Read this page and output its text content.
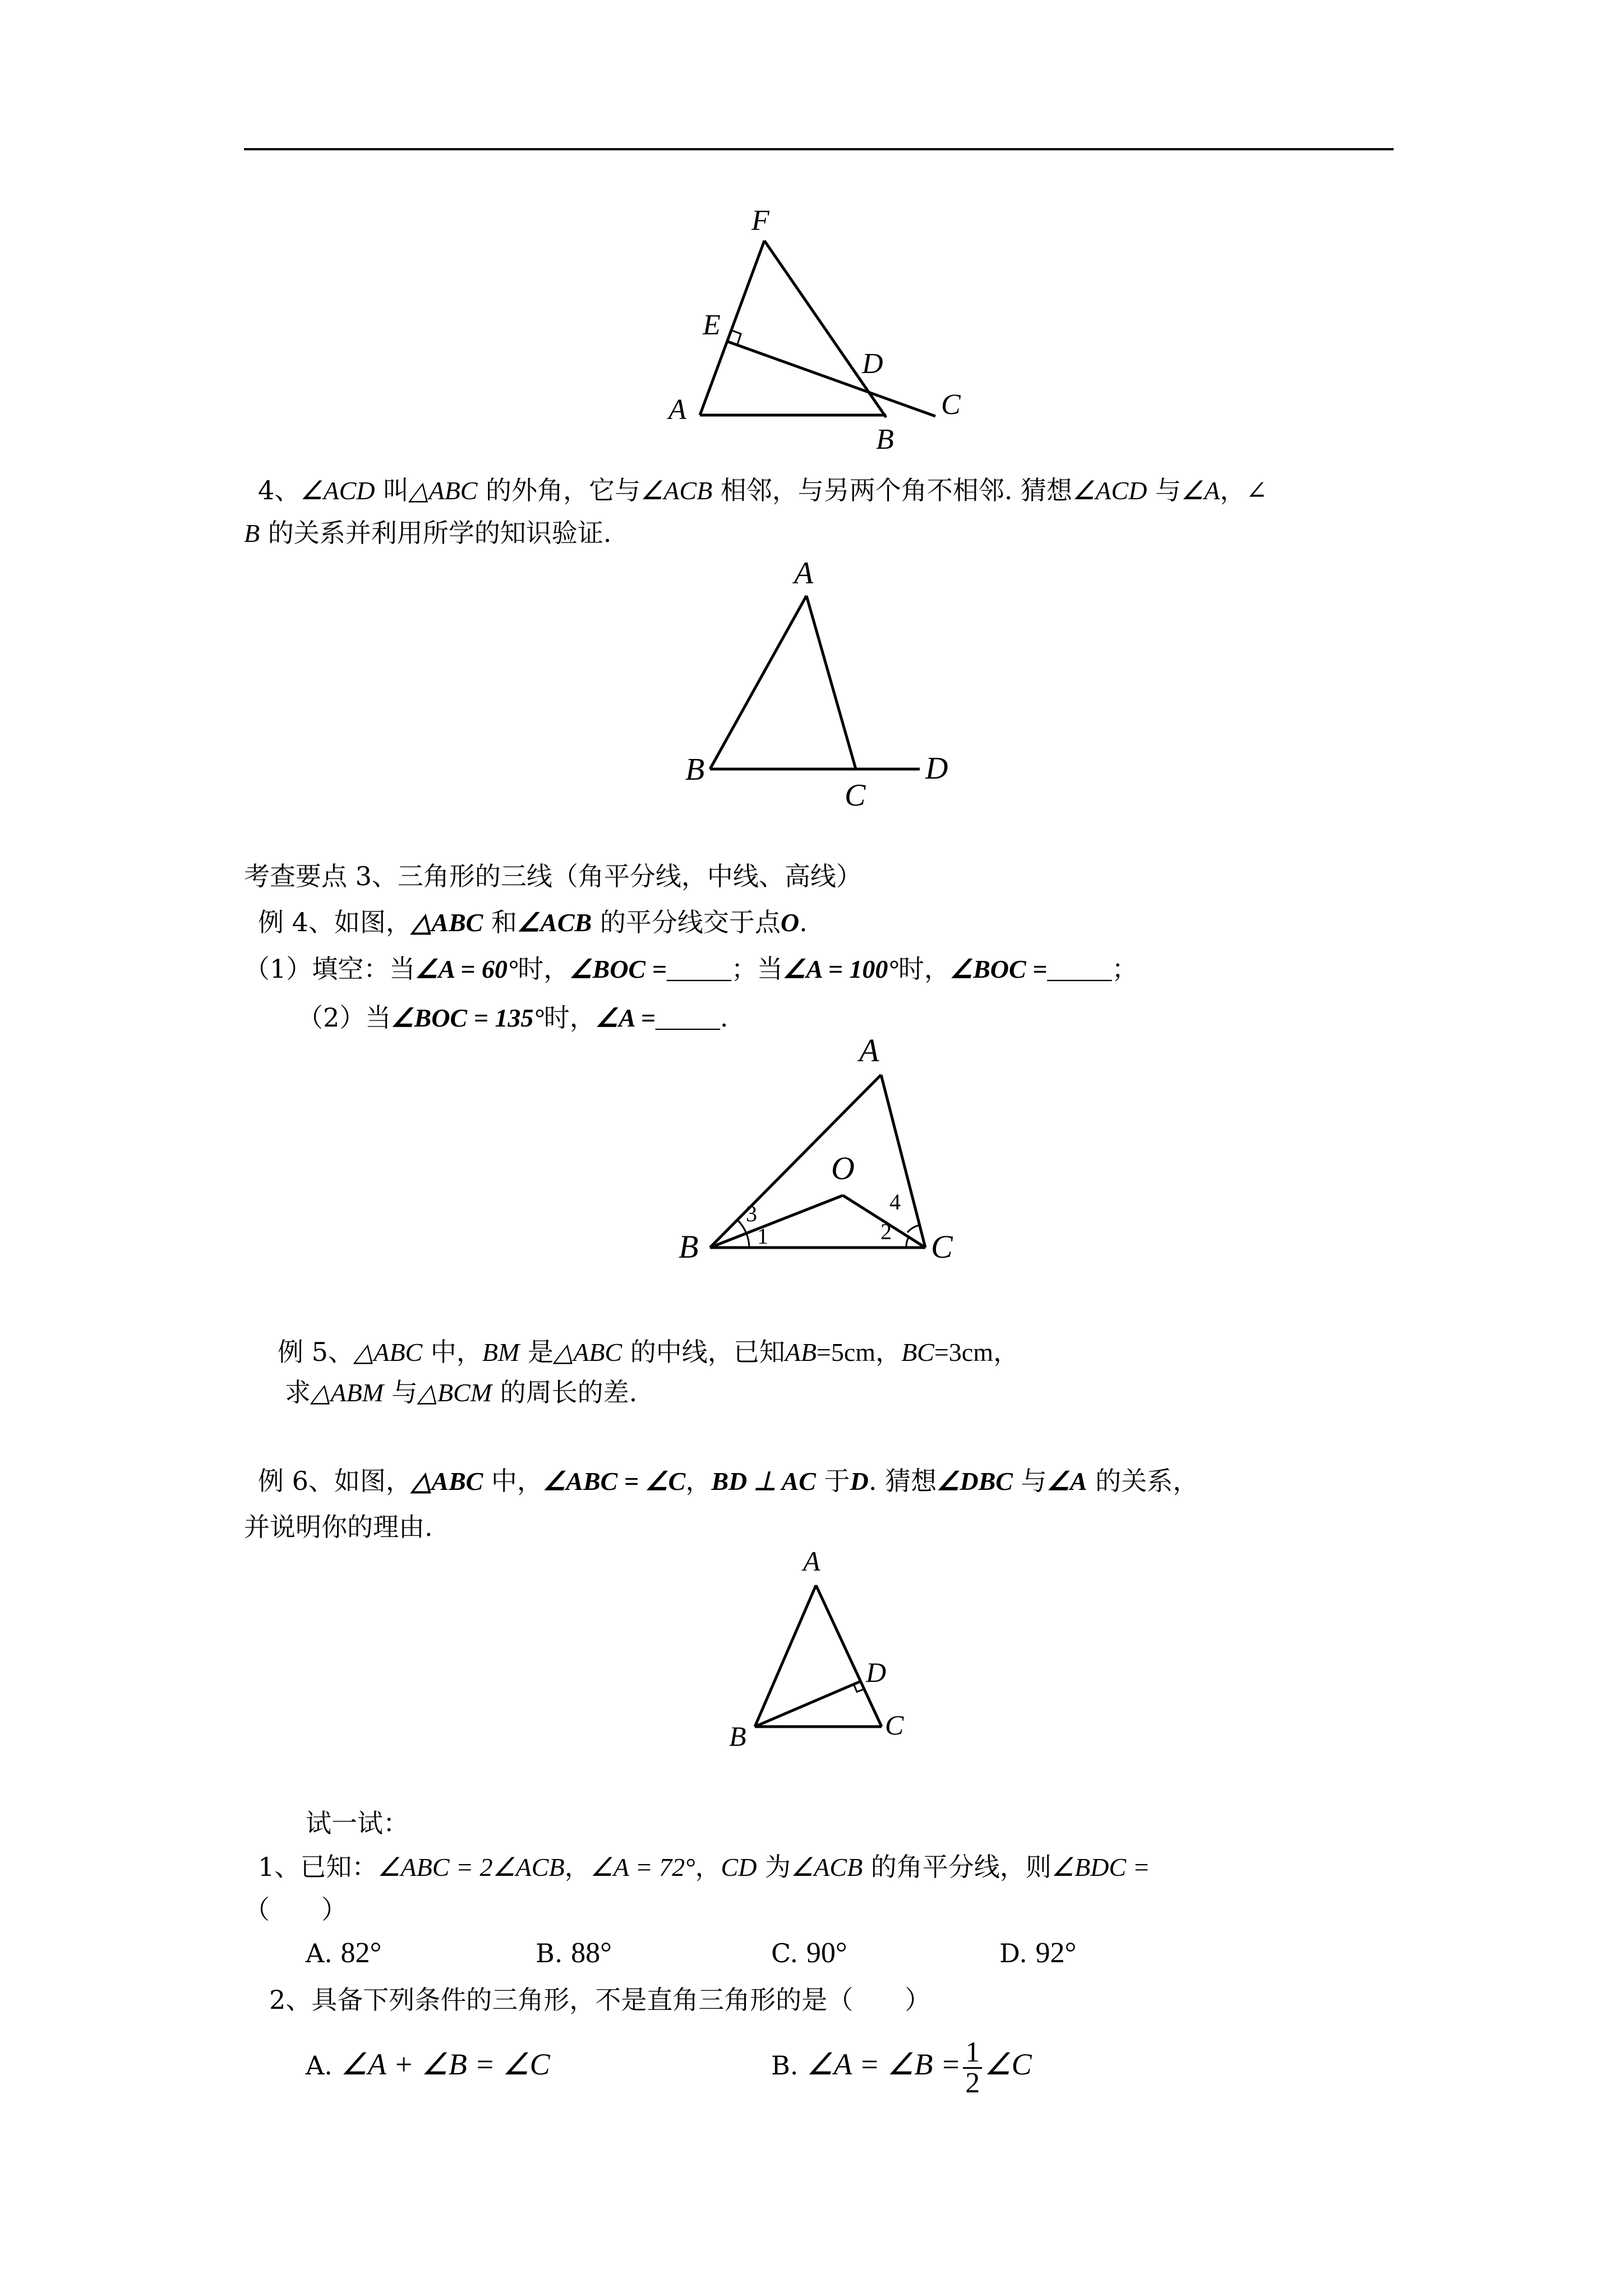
F
E
D
A	C
B
4、∠ACD 叫△ABC 的外角，它与∠ACB 相邻，与另两个角不相邻. 猜想∠ACD 与∠A，∠
B 的关系并利用所学的知识验证.
A
B	D
C
考查要点 3、三角形的三线（角平分线，中线、高线）
例 4、如图，△ABC 和∠ACB 的平分线交于点O.
（1）填空：当∠A = 60°时，∠BOC =_____；当∠A = 100°时，∠BOC =_____；
（2）当∠BOC = 135°时，∠A =_____.
A
O
B	C
1	2
3	4
例 5、△ABC 中，BM 是△ABC 的中线，已知AB=5cm，BC=3cm，
求△ABM 与△BCM 的周长的差.
例 6、如图，△ABC 中，∠ABC = ∠C，BD ⊥ AC 于D. 猜想∠DBC 与∠A 的关系，
并说明你的理由.
A
D
B	C
试一试：
1、已知：∠ABC = 2∠ACB，∠A = 72°，CD 为∠ACB 的角平分线，则∠BDC =
（　　）
A. 82°	B. 88°	C. 90°	D. 92°
2、具备下列条件的三角形，不是直角三角形的是（　　）
A. ∠A + ∠B = ∠C	B. ∠A = ∠B = $\frac{1}{2}$ ∠C
